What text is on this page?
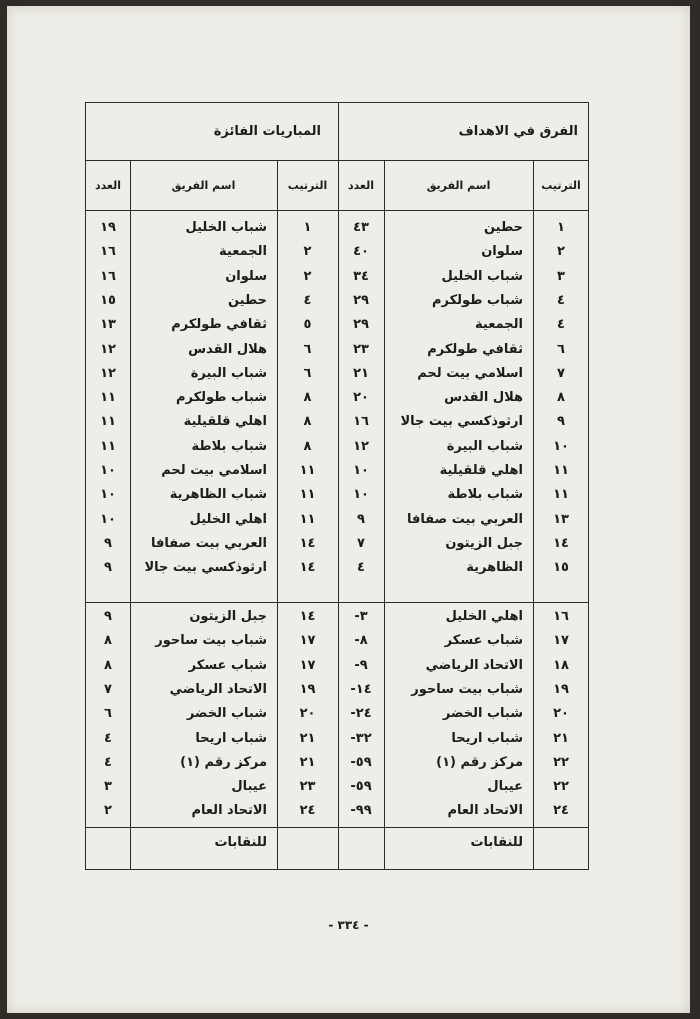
الفرق في الاهداف
المباريات الفائزة
الترتيب
اسم الفريق
العدد
الترتيب
اسم الفريق
العدد
١
حطين
٤٣
٢
سلوان
٤٠
٣
شباب الخليل
٣٤
٤
شباب طولكرم
٢٩
٤
الجمعية
٢٩
٦
ثقافي طولكرم
٢٣
٧
اسلامي بيت لحم
٢١
٨
هلال القدس
٢٠
٩
ارثوذكسي بيت جالا
١٦
١٠
شباب البيرة
١٢
١١
اهلي قلقيلية
١٠
١١
شباب بلاطة
١٠
١٣
العربي بيت صفافا
٩
١٤
جبل الزيتون
٧
١٥
الظاهرية
٤
١٦
اهلي الخليل
-٣
١٧
شباب عسكر
-٨
١٨
الاتحاد الرياضي
-٩
١٩
شباب بيت ساحور
-١٤
٢٠
شباب الخضر
-٢٤
٢١
شباب اريحا
-٣٢
٢٢
مركز رقم (١)
-٥٩
٢٢
عيبال
-٥٩
٢٤
الاتحاد العام
-٩٩
للنقابات
١
شباب الخليل
١٩
٢
الجمعية
١٦
٢
سلوان
١٦
٤
حطين
١٥
٥
ثقافي طولكرم
١٣
٦
هلال القدس
١٢
٦
شباب البيرة
١٢
٨
شباب طولكرم
١١
٨
اهلي قلقيلية
١١
٨
شباب بلاطة
١١
١١
اسلامي بيت لحم
١٠
١١
شباب الظاهرية
١٠
١١
اهلي الخليل
١٠
١٤
العربي بيت صفافا
٩
١٤
ارثوذكسي بيت جالا
٩
١٤
جبل الزيتون
٩
١٧
شباب بيت ساحور
٨
١٧
شباب عسكر
٨
١٩
الاتحاد الرياضي
٧
٢٠
شباب الخضر
٦
٢١
شباب اريحا
٤
٢١
مركز رقم (١)
٤
٢٣
عيبال
٣
٢٤
الاتحاد العام
٢
للنقابات
- ٣٣٤ -
